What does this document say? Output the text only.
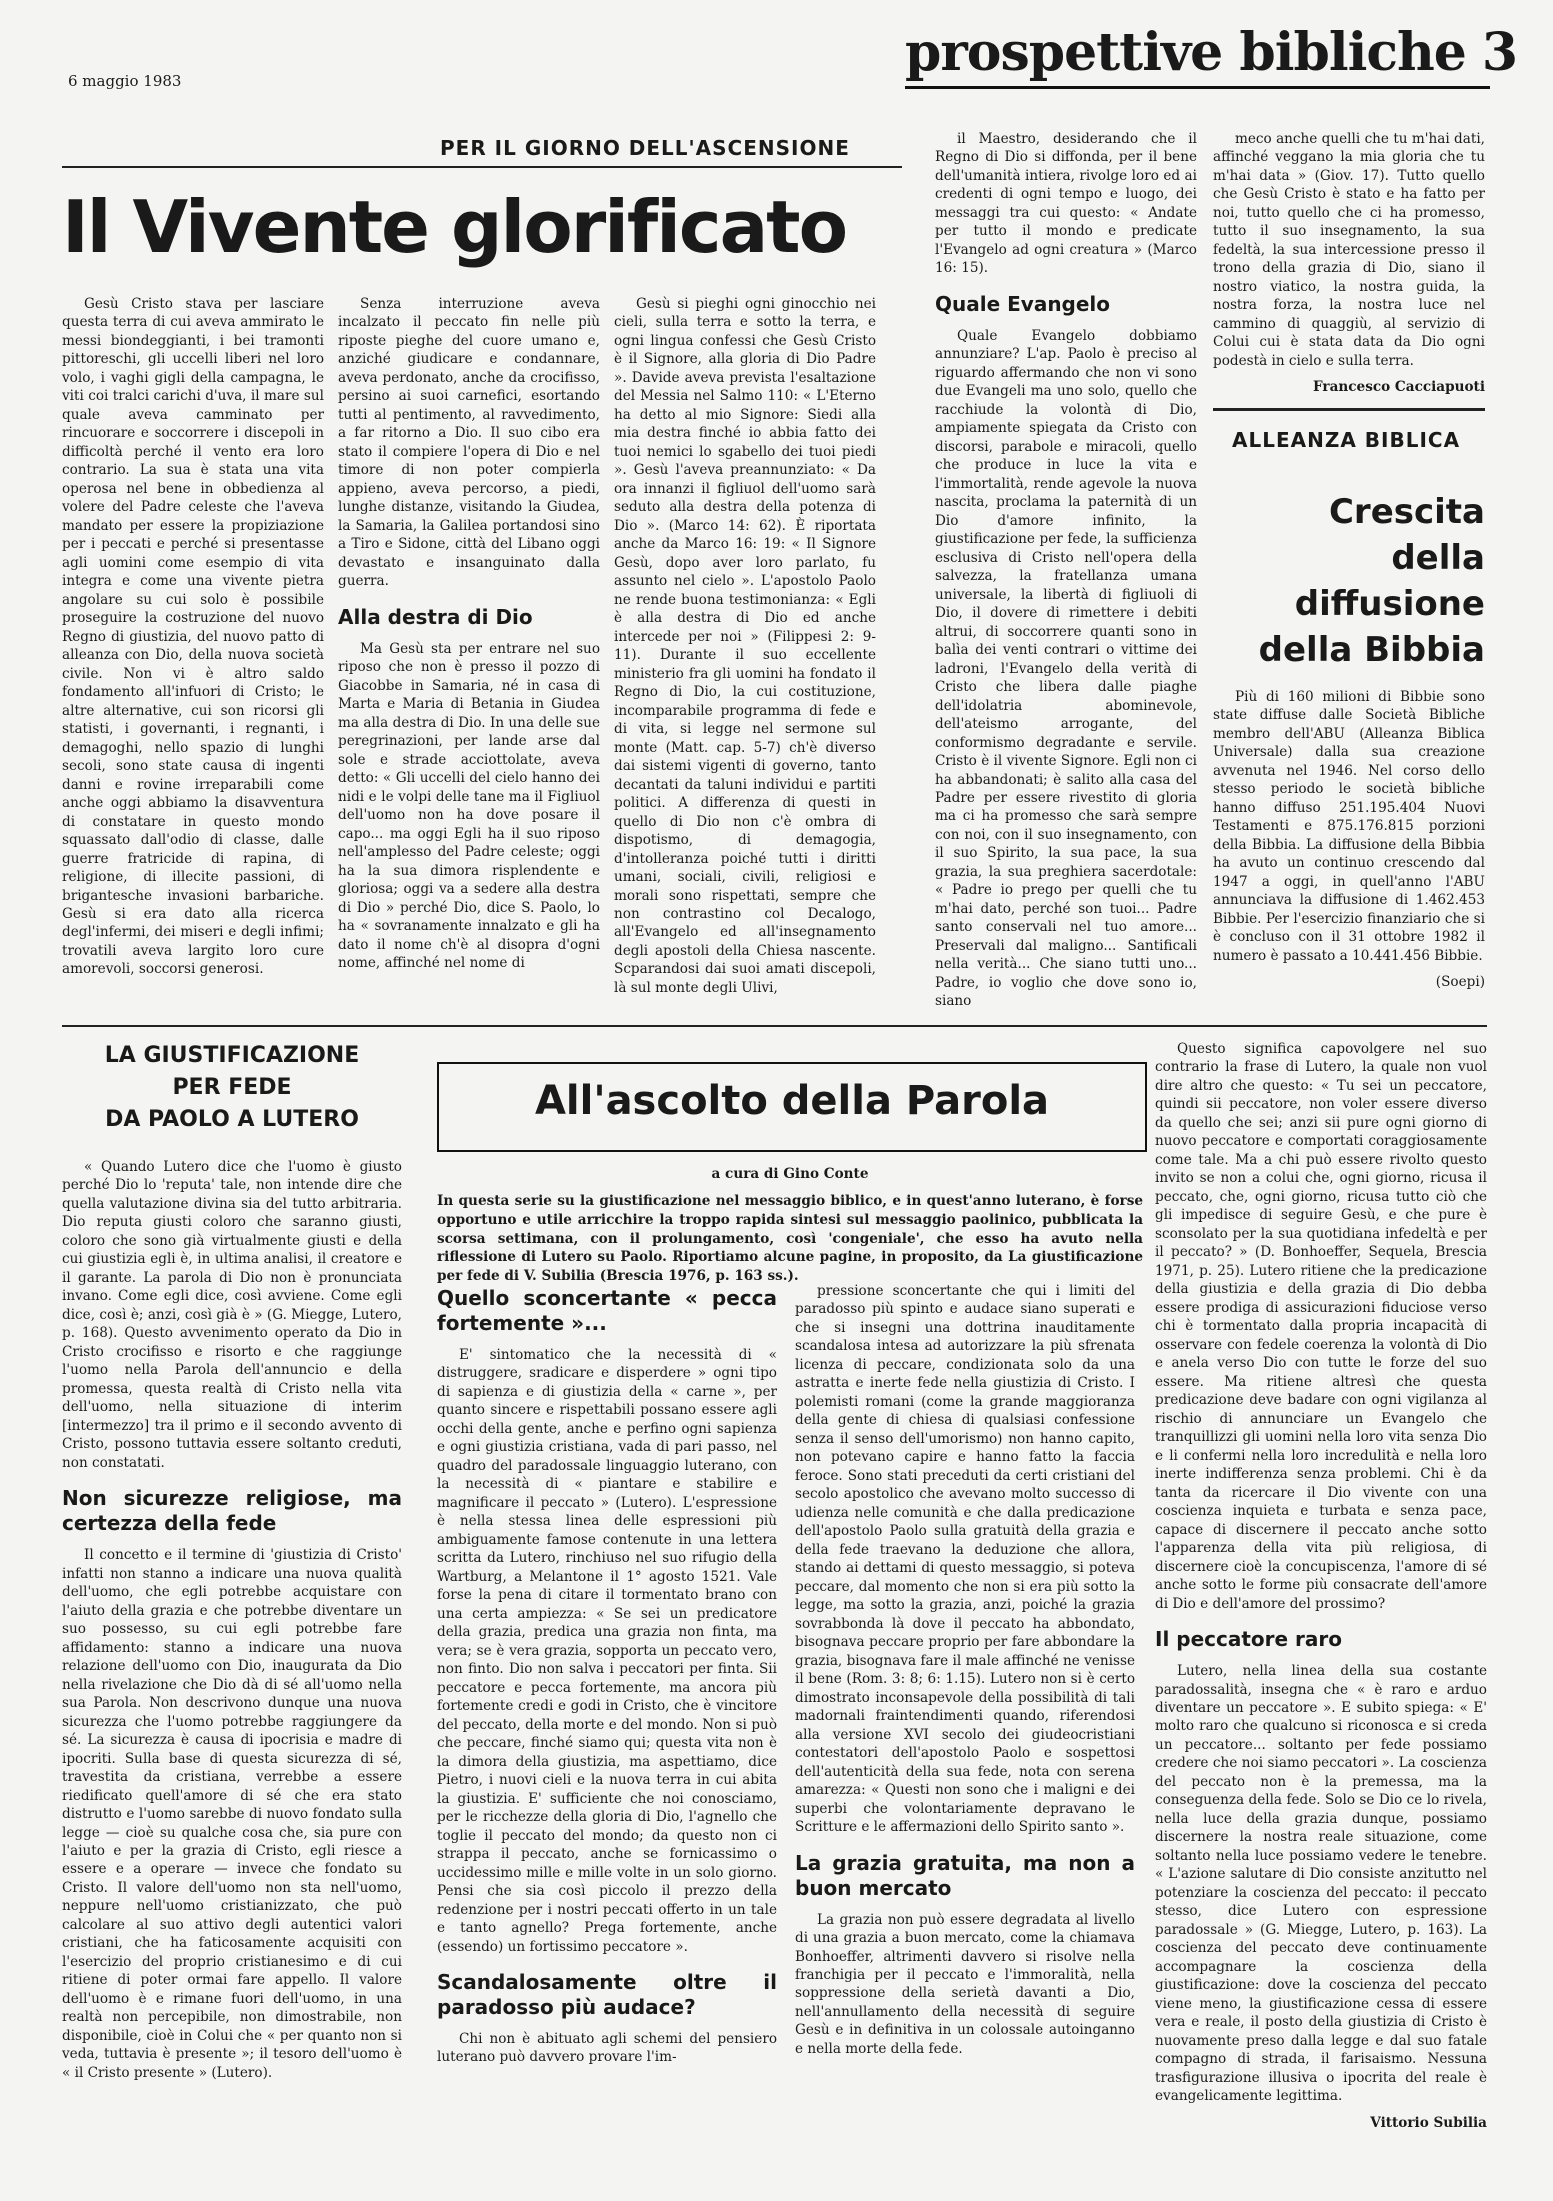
6 maggio 1983	prospettive bibliche 3
PER IL GIORNO DELL'ASCENSIONE
Il Vivente glorificato

Gesù Cristo stava per lasciare questa terra di cui aveva ammirato le messi biondeggianti, i bei tramonti pittoreschi, gli uccelli liberi nel loro volo, i vaghi gigli della campagna, le viti coi tralci carichi d'uva, il mare sul quale aveva camminato per rincuorare e soccorrere i discepoli in difficoltà perché il vento era loro contrario. La sua è stata una vita operosa nel bene in obbedienza al volere del Padre celeste che l'aveva mandato per essere la propiziazione per i peccati e perché si presentasse agli uomini come esempio di vita integra e come una vivente pietra angolare su cui solo è possibile proseguire la costruzione del nuovo Regno di giustizia, del nuovo patto di alleanza con Dio, della nuova società civile. Non vi è altro saldo fondamento all'infuori di Cristo; le altre alternative, cui son ricorsi gli statisti, i governanti, i regnanti, i demagoghi, nello spazio di lunghi secoli, sono state causa di ingenti danni e rovine irreparabili come anche oggi abbiamo la disavventura di constatare in questo mondo squassato dall'odio di classe, dalle guerre fratricide di rapina, di religione, di illecite passioni, di brigantesche invasioni barbariche. Gesù si era dato alla ricerca degl'infermi, dei miseri e degli infimi; trovatili aveva largito loro cure amorevoli, soccorsi generosi.

Senza interruzione aveva incalzato il peccato fin nelle più riposte pieghe del cuore umano e, anziché giudicare e condannare, aveva perdonato, anche da crocifisso, persino ai suoi carnefici, esortando tutti al pentimento, al ravvedimento, a far ritorno a Dio. Il suo cibo era stato il compiere l'opera di Dio e nel timore di non poter compierla appieno, aveva percorso, a piedi, lunghe distanze, visitando la Giudea, la Samaria, la Galilea portandosi sino a Tiro e Sidone, città del Libano oggi devastato e insanguinato dalla guerra.

Alla destra di Dio

Ma Gesù sta per entrare nel suo riposo che non è presso il pozzo di Giacobbe in Samaria, né in casa di Marta e Maria di Betania in Giudea ma alla destra di Dio. In una delle sue peregrinazioni, per lande arse dal sole e strade acciottolate, aveva detto: « Gli uccelli del cielo hanno dei nidi e le volpi delle tane ma il Figliuol dell'uomo non ha dove posare il capo... ma oggi Egli ha il suo riposo nell'amplesso del Padre celeste; oggi ha la sua dimora risplendente e gloriosa; oggi va a sedere alla destra di Dio » perché Dio, dice S. Paolo, lo ha « sovranamente innalzato e gli ha dato il nome ch'è al disopra d'ogni nome, affinché nel nome di

Gesù si pieghi ogni ginocchio nei cieli, sulla terra e sotto la terra, e ogni lingua confessi che Gesù Cristo è il Signore, alla gloria di Dio Padre ». Davide aveva prevista l'esaltazione del Messia nel Salmo 110: « L'Eterno ha detto al mio Signore: Siedi alla mia destra finché io abbia fatto dei tuoi nemici lo sgabello dei tuoi piedi ». Gesù l'aveva preannunziato: « Da ora innanzi il figliuol dell'uomo sarà seduto alla destra della potenza di Dio ». (Marco 14: 62). È riportata anche da Marco 16: 19: « Il Signore Gesù, dopo aver loro parlato, fu assunto nel cielo ». L'apostolo Paolo ne rende buona testimonianza: « Egli è alla destra di Dio ed anche intercede per noi » (Filippesi 2: 9-11). Durante il suo eccellente ministerio fra gli uomini ha fondato il Regno di Dio, la cui costituzione, incomparabile programma di fede e di vita, si legge nel sermone sul monte (Matt. cap. 5-7) ch'è diverso dai sistemi vigenti di governo, tanto decantati da taluni individui e partiti politici. A differenza di questi in quello di Dio non c'è ombra di dispotismo, di demagogia, d'intolleranza poiché tutti i diritti umani, sociali, civili, religiosi e morali sono rispettati, sempre che non contrastino col Decalogo, all'Evangelo ed all'insegnamento degli apostoli della Chiesa nascente. Scparandosi dai suoi amati discepoli, là sul monte degli Ulivi,

il Maestro, desiderando che il Regno di Dio si diffonda, per il bene dell'umanità intiera, rivolge loro ed ai credenti di ogni tempo e luogo, dei messaggi tra cui questo: « Andate per tutto il mondo e predicate l'Evangelo ad ogni creatura » (Marco 16: 15).

Quale Evangelo

Quale Evangelo dobbiamo annunziare? L'ap. Paolo è preciso al riguardo affermando che non vi sono due Evangeli ma uno solo, quello che racchiude la volontà di Dio, ampiamente spiegata da Cristo con discorsi, parabole e miracoli, quello che produce in luce la vita e l'immortalità, rende agevole la nuova nascita, proclama la paternità di un Dio d'amore infinito, la giustificazione per fede, la sufficienza esclusiva di Cristo nell'opera della salvezza, la fratellanza umana universale, la libertà di figliuoli di Dio, il dovere di rimettere i debiti altrui, di soccorrere quanti sono in balìa dei venti contrari o vittime dei ladroni, l'Evangelo della verità di Cristo che libera dalle piaghe dell'idolatria abominevole, dell'ateismo arrogante, del conformismo degradante e servile. Cristo è il vivente Signore. Egli non ci ha abbandonati; è salito alla casa del Padre per essere rivestito di gloria ma ci ha promesso che sarà sempre con noi, con il suo insegnamento, con il suo Spirito, la sua pace, la sua grazia, la sua preghiera sacerdotale: « Padre io prego per quelli che tu m'hai dato, perché son tuoi... Padre santo conservali nel tuo amore... Preservali dal maligno... Santificali nella verità... Che siano tutti uno... Padre, io voglio che dove sono io, siano

meco anche quelli che tu m'hai dati, affinché veggano la mia gloria che tu m'hai data » (Giov. 17). Tutto quello che Gesù Cristo è stato e ha fatto per noi, tutto quello che ci ha promesso, tutto il suo insegnamento, la sua fedeltà, la sua intercessione presso il trono della grazia di Dio, siano il nostro viatico, la nostra guida, la nostra forza, la nostra luce nel cammino di quaggiù, al servizio di Colui cui è stata data da Dio ogni podestà in cielo e sulla terra.

Francesco Cacciapuoti
ALLEANZA BIBLICA
Crescita
della
diffusione
della Bibbia

Più di 160 milioni di Bibbie sono state diffuse dalle Società Bibliche membro dell'ABU (Alleanza Biblica Universale) dalla sua creazione avvenuta nel 1946. Nel corso dello stesso periodo le società bibliche hanno diffuso 251.195.404 Nuovi Testamenti e 875.176.815 porzioni della Bibbia. La diffusione della Bibbia ha avuto un continuo crescendo dal 1947 a oggi, in quell'anno l'ABU annunciava la diffusione di 1.462.453 Bibbie. Per l'esercizio finanziario che si è concluso con il 31 ottobre 1982 il numero è passato a 10.441.456 Bibbie.

(Soepi)
LA GIUSTIFICAZIONE
PER FEDE
DA PAOLO A LUTERO

« Quando Lutero dice che l'uomo è giusto perché Dio lo 'reputa' tale, non intende dire che quella valutazione divina sia del tutto arbitraria. Dio reputa giusti coloro che saranno giusti, coloro che sono già virtualmente giusti e della cui giustizia egli è, in ultima analisi, il creatore e il garante. La parola di Dio non è pronunciata invano. Come egli dice, così avviene. Come egli dice, così è; anzi, così già è » (G. Miegge, Lutero, p. 168). Questo avvenimento operato da Dio in Cristo crocifisso e risorto e che raggiunge l'uomo nella Parola dell'annuncio e della promessa, questa realtà di Cristo nella vita dell'uomo, nella situazione di interim [intermezzo] tra il primo e il secondo avvento di Cristo, possono tuttavia essere soltanto creduti, non constatati.

Non sicurezze religiose, ma certezza della fede

Il concetto e il termine di 'giustizia di Cristo' infatti non stanno a indicare una nuova qualità dell'uomo, che egli potrebbe acquistare con l'aiuto della grazia e che potrebbe diventare un suo possesso, su cui egli potrebbe fare affidamento: stanno a indicare una nuova relazione dell'uomo con Dio, inaugurata da Dio nella rivelazione che Dio dà di sé all'uomo nella sua Parola. Non descrivono dunque una nuova sicurezza che l'uomo potrebbe raggiungere da sé. La sicurezza è causa di ipocrisia e madre di ipocriti. Sulla base di questa sicurezza di sé, travestita da cristiana, verrebbe a essere riedificato quell'amore di sé che era stato distrutto e l'uomo sarebbe di nuovo fondato sulla legge — cioè su qualche cosa che, sia pure con l'aiuto e per la grazia di Cristo, egli riesce a essere e a operare — invece che fondato su Cristo. Il valore dell'uomo non sta nell'uomo, neppure nell'uomo cristianizzato, che può calcolare al suo attivo degli autentici valori cristiani, che ha faticosamente acquisiti con l'esercizio del proprio cristianesimo e di cui ritiene di poter ormai fare appello. Il valore dell'uomo è e rimane fuori dell'uomo, in una realtà non percepibile, non dimostrabile, non disponibile, cioè in Colui che « per quanto non si veda, tuttavia è presente »; il tesoro dell'uomo è « il Cristo presente » (Lutero).

All'ascolto della Parola
a cura di Gino Conte
In questa serie su la giustificazione nel messaggio biblico, e in quest'anno luterano, è forse opportuno e utile arricchire la troppo rapida sintesi sul messaggio paolinico, pubblicata la scorsa settimana, con il prolungamento, così 'congeniale', che esso ha avuto nella riflessione di Lutero su Paolo. Riportiamo alcune pagine, in proposito, da La giustificazione per fede di V. Subilia (Brescia 1976, p. 163 ss.).
Quello sconcertante « pecca fortemente »...

E' sintomatico che la necessità di « distruggere, sradicare e disperdere » ogni tipo di sapienza e di giustizia della « carne », per quanto sincere e rispettabili possano essere agli occhi della gente, anche e perfino ogni sapienza e ogni giustizia cristiana, vada di pari passo, nel quadro del paradossale linguaggio luterano, con la necessità di « piantare e stabilire e magnificare il peccato » (Lutero). L'espressione è nella stessa linea delle espressioni più ambiguamente famose contenute in una lettera scritta da Lutero, rinchiuso nel suo rifugio della Wartburg, a Melantone il 1° agosto 1521. Vale forse la pena di citare il tormentato brano con una certa ampiezza: « Se sei un predicatore della grazia, predica una grazia non finta, ma vera; se è vera grazia, sopporta un peccato vero, non finto. Dio non salva i peccatori per finta. Sii peccatore e pecca fortemente, ma ancora più fortemente credi e godi in Cristo, che è vincitore del peccato, della morte e del mondo. Non si può che peccare, finché siamo qui; questa vita non è la dimora della giustizia, ma aspettiamo, dice Pietro, i nuovi cieli e la nuova terra in cui abita la giustizia. E' sufficiente che noi conosciamo, per le ricchezze della gloria di Dio, l'agnello che toglie il peccato del mondo; da questo non ci strappa il peccato, anche se fornicassimo o uccidessimo mille e mille volte in un solo giorno. Pensi che sia così piccolo il prezzo della redenzione per i nostri peccati offerto in un tale e tanto agnello? Prega fortemente, anche (essendo) un fortissimo peccatore ».

Scandalosamente oltre il paradosso più audace?

Chi non è abituato agli schemi del pensiero luterano può davvero provare l'im-

pressione sconcertante che qui i limiti del paradosso più spinto e audace siano superati e che si insegni una dottrina inauditamente scandalosa intesa ad autorizzare la più sfrenata licenza di peccare, condizionata solo da una astratta e inerte fede nella giustizia di Cristo. I polemisti romani (come la grande maggioranza della gente di chiesa di qualsiasi confessione senza il senso dell'umorismo) non hanno capito, non potevano capire e hanno fatto la faccia feroce. Sono stati preceduti da certi cristiani del secolo apostolico che avevano molto successo di udienza nelle comunità e che dalla predicazione dell'apostolo Paolo sulla gratuità della grazia e della fede traevano la deduzione che allora, stando ai dettami di questo messaggio, si poteva peccare, dal momento che non si era più sotto la legge, ma sotto la grazia, anzi, poiché la grazia sovrabbonda là dove il peccato ha abbondato, bisognava peccare proprio per fare abbondare la grazia, bisognava fare il male affinché ne venisse il bene (Rom. 3: 8; 6: 1.15). Lutero non si è certo dimostrato inconsapevole della possibilità di tali madornali fraintendimenti quando, riferendosi alla versione XVI secolo dei giudeocristiani contestatori dell'apostolo Paolo e sospettosi dell'autenticità della sua fede, nota con serena amarezza: « Questi non sono che i maligni e dei superbi che volontariamente depravano le Scritture e le affermazioni dello Spirito santo ».

La grazia gratuita, ma non a buon mercato

La grazia non può essere degradata al livello di una grazia a buon mercato, come la chiamava Bonhoeffer, altrimenti davvero si risolve nella franchigia per il peccato e l'immoralità, nella soppressione della serietà davanti a Dio, nell'annullamento della necessità di seguire Gesù e in definitiva in un colossale autoinganno e nella morte della fede.

Questo significa capovolgere nel suo contrario la frase di Lutero, la quale non vuol dire altro che questo: « Tu sei un peccatore, quindi sii peccatore, non voler essere diverso da quello che sei; anzi sii pure ogni giorno di nuovo peccatore e comportati coraggiosamente come tale. Ma a chi può essere rivolto questo invito se non a colui che, ogni giorno, ricusa il peccato, che, ogni giorno, ricusa tutto ciò che gli impedisce di seguire Gesù, e che pure è sconsolato per la sua quotidiana infedeltà e per il peccato? » (D. Bonhoeffer, Sequela, Brescia 1971, p. 25). Lutero ritiene che la predicazione della giustizia e della grazia di Dio debba essere prodiga di assicurazioni fiduciose verso chi è tormentato dalla propria incapacità di osservare con fedele coerenza la volontà di Dio e anela verso Dio con tutte le forze del suo essere. Ma ritiene altresì che questa predicazione deve badare con ogni vigilanza al rischio di annunciare un Evangelo che tranquillizzi gli uomini nella loro vita senza Dio e li confermi nella loro incredulità e nella loro inerte indifferenza senza problemi. Chi è da tanta da ricercare il Dio vivente con una coscienza inquieta e turbata e senza pace, capace di discernere il peccato anche sotto l'apparenza della vita più religiosa, di discernere cioè la concupiscenza, l'amore di sé anche sotto le forme più consacrate dell'amore di Dio e dell'amore del prossimo?

Il peccatore raro

Lutero, nella linea della sua costante paradossalità, insegna che « è raro e arduo diventare un peccatore ». E subito spiega: « E' molto raro che qualcuno si riconosca e si creda un peccatore... soltanto per fede possiamo credere che noi siamo peccatori ». La coscienza del peccato non è la premessa, ma la conseguenza della fede. Solo se Dio ce lo rivela, nella luce della grazia dunque, possiamo discernere la nostra reale situazione, come soltanto nella luce possiamo vedere le tenebre. « L'azione salutare di Dio consiste anzitutto nel potenziare la coscienza del peccato: il peccato stesso, dice Lutero con espressione paradossale » (G. Miegge, Lutero, p. 163). La coscienza del peccato deve continuamente accompagnare la coscienza della giustificazione: dove la coscienza del peccato viene meno, la giustificazione cessa di essere vera e reale, il posto della giustizia di Cristo è nuovamente preso dalla legge e dal suo fatale compagno di strada, il farisaismo. Nessuna trasfigurazione illusiva o ipocrita del reale è evangelicamente legittima.

Vittorio Subilia
